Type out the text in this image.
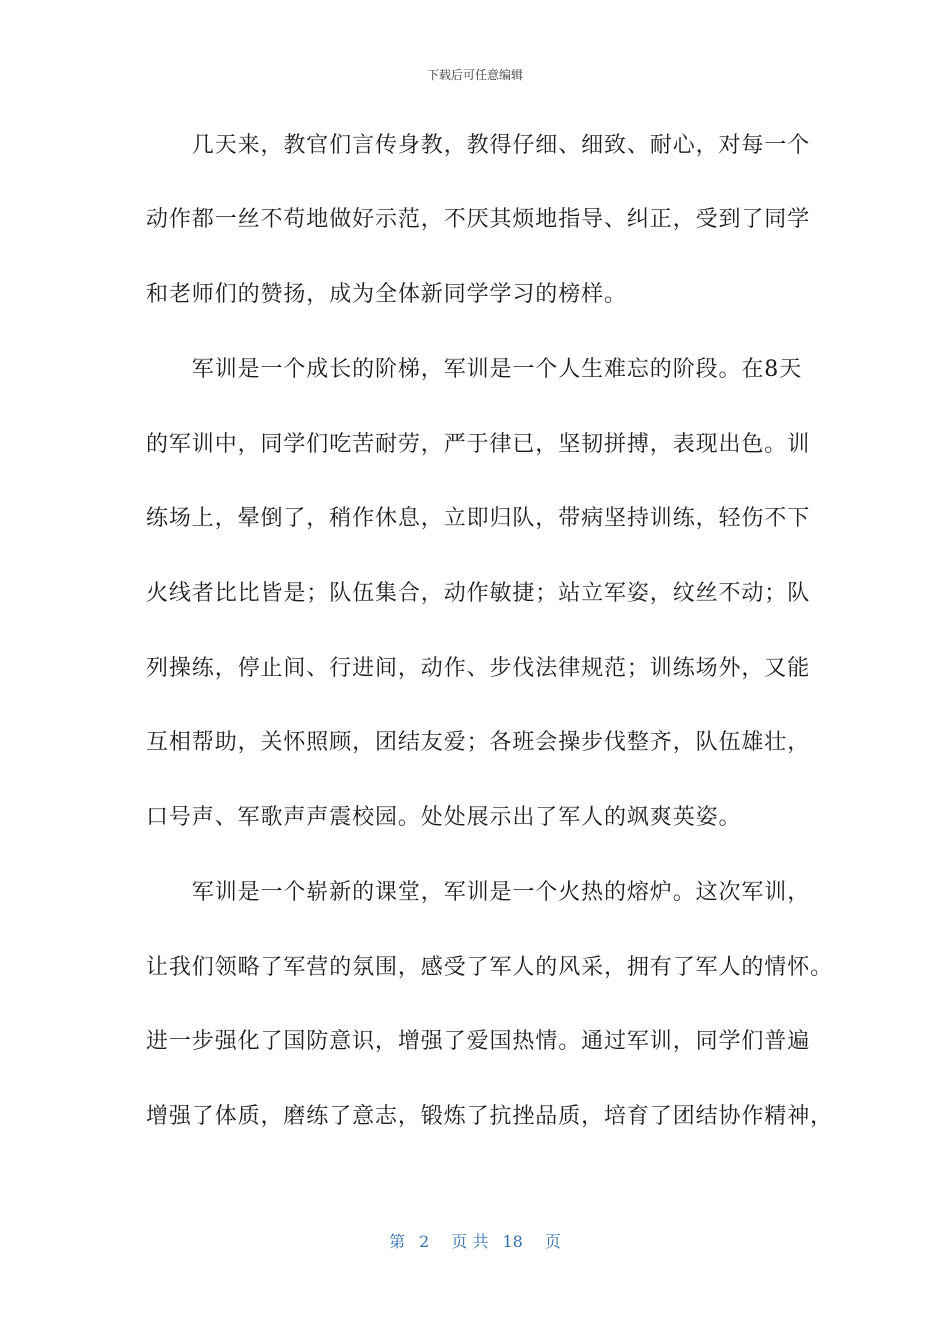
下载后可任意编辑
　　几天来，教官们言传身教，教得仔细、细致、耐心，对每一个
动作都一丝不苟地做好示范，不厌其烦地指导、纠正，受到了同学
和老师们的赞扬，成为全体新同学学习的榜样。
　　军训是一个成长的阶梯，军训是一个人生难忘的阶段。在8天
的军训中，同学们吃苦耐劳，严于律已，坚韧拼搏，表现出色。训
练场上，晕倒了，稍作休息，立即归队，带病坚持训练，轻伤不下
火线者比比皆是；队伍集合，动作敏捷；站立军姿，纹丝不动；队
列操练，停止间、行进间，动作、步伐法律规范；训练场外，又能
互相帮助，关怀照顾，团结友爱；各班会操步伐整齐，队伍雄壮，
口号声、军歌声声震校园。处处展示出了军人的飒爽英姿。
　　军训是一个崭新的课堂，军训是一个火热的熔炉。这次军训，
让我们领略了军营的氛围，感受了军人的风采，拥有了军人的情怀。
进一步强化了国防意识，增强了爱国热情。通过军训，同学们普遍
增强了体质，磨练了意志，锻炼了抗挫品质，培育了团结协作精神，
第 2 页 共 18 页
